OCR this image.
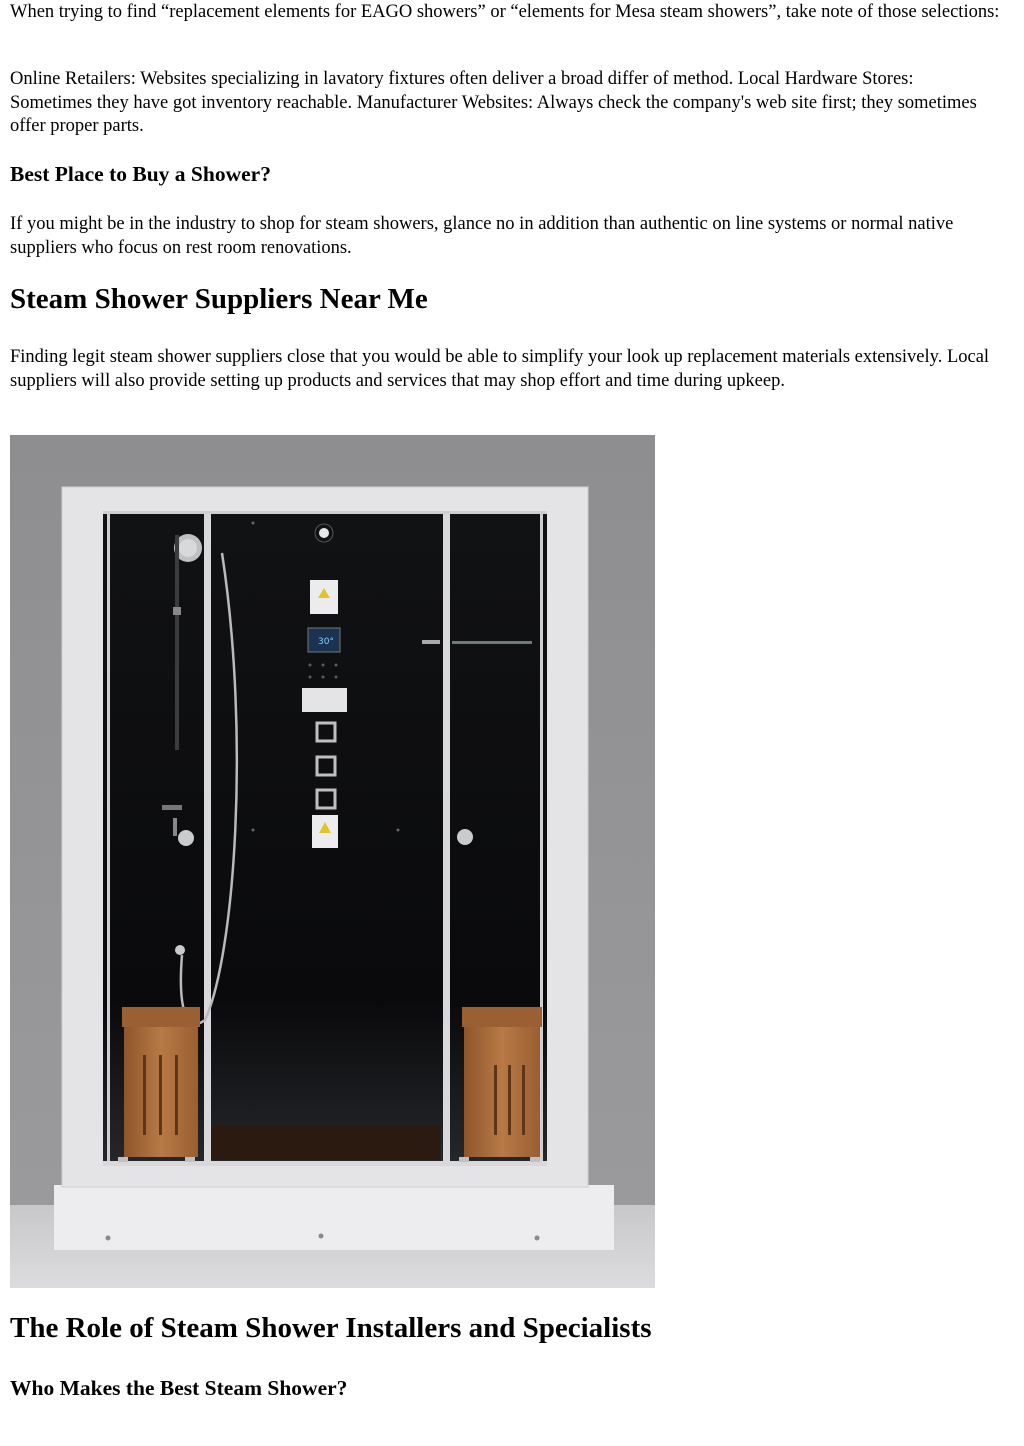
When trying to find “replacement elements for EAGO showers” or “elements for Mesa steam showers”, take note of those selections:

Online Retailers: Websites specializing in lavatory fixtures often deliver a broad differ of method. Local Hardware Stores: Sometimes they have got inventory reachable. Manufacturer Websites: Always check the company's web site first; they sometimes offer proper parts.

Best Place to Buy a Shower?

If you might be in the industry to shop for steam showers, glance no in addition than authentic on line systems or normal native suppliers who focus on rest room renovations.

Steam Shower Suppliers Near Me

Finding legit steam shower suppliers close that you would be able to simplify your look up replacement materials extensively. Local suppliers will also provide setting up products and services that may shop effort and time during upkeep.

30°
The Role of Steam Shower Installers and Specialists
Who Makes the Best Steam Shower?
